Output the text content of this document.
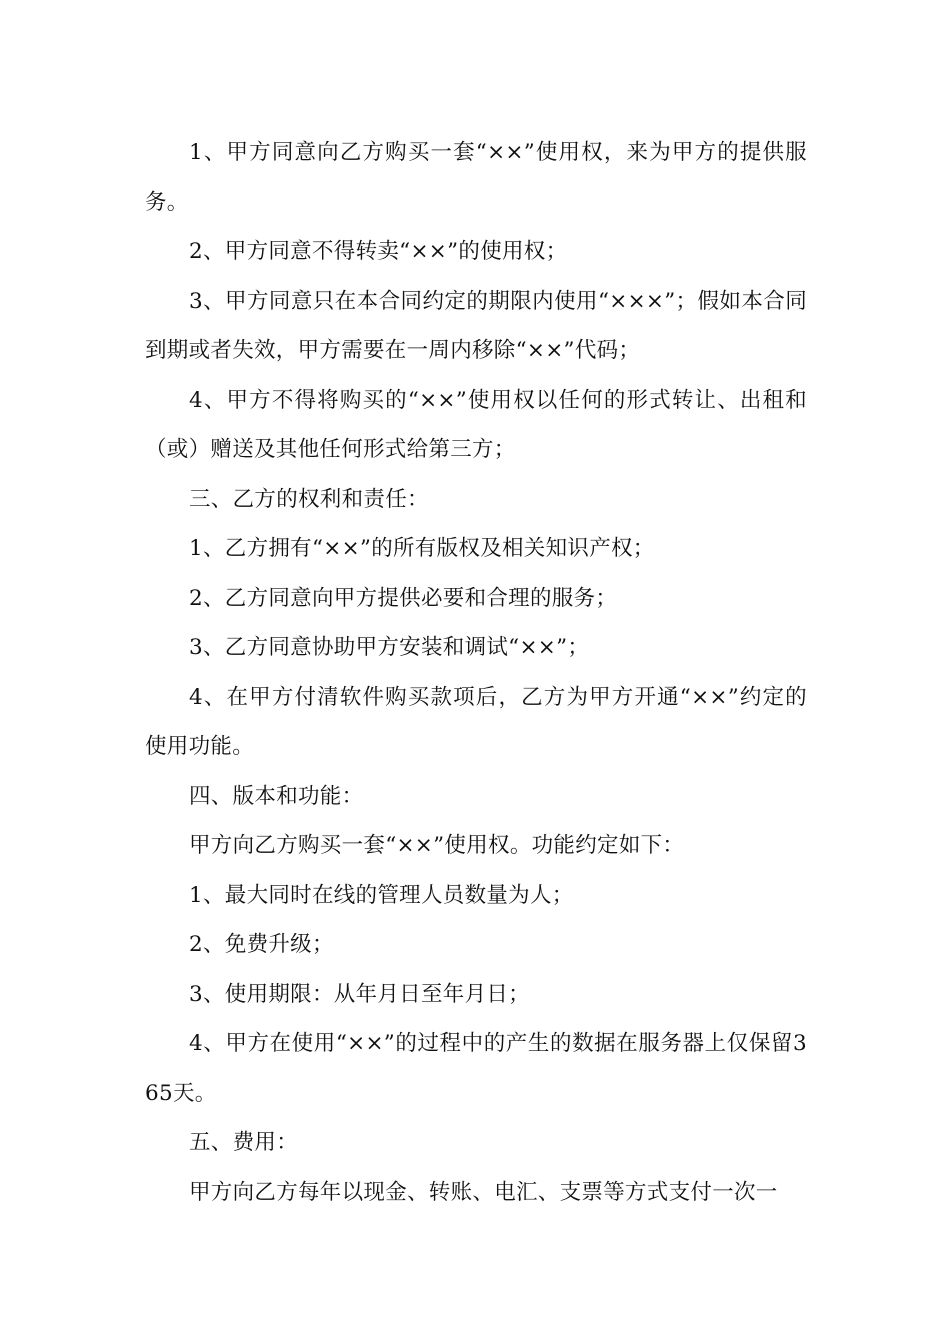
1、甲方同意向乙方购买一套“××”使用权，来为甲方的提供服务。

2、甲方同意不得转卖“××”的使用权；

3、甲方同意只在本合同约定的期限内使用“×××”；假如本合同到期或者失效，甲方需要在一周内移除“××”代码；

4、甲方不得将购买的“××”使用权以任何的形式转让、出租和（或）赠送及其他任何形式给第三方；

三、乙方的权利和责任：

1、乙方拥有“××”的所有版权及相关知识产权；

2、乙方同意向甲方提供必要和合理的服务；

3、乙方同意协助甲方安装和调试“××”；

4、在甲方付清软件购买款项后，乙方为甲方开通“××”约定的使用功能。

四、版本和功能：

甲方向乙方购买一套“××”使用权。功能约定如下：

1、最大同时在线的管理人员数量为人；

2、免费升级；

3、使用期限：从年月日至年月日；

4、甲方在使用“××”的过程中的产生的数据在服务器上仅保留365天。

五、费用：

甲方向乙方每年以现金、转账、电汇、支票等方式支付一次一
